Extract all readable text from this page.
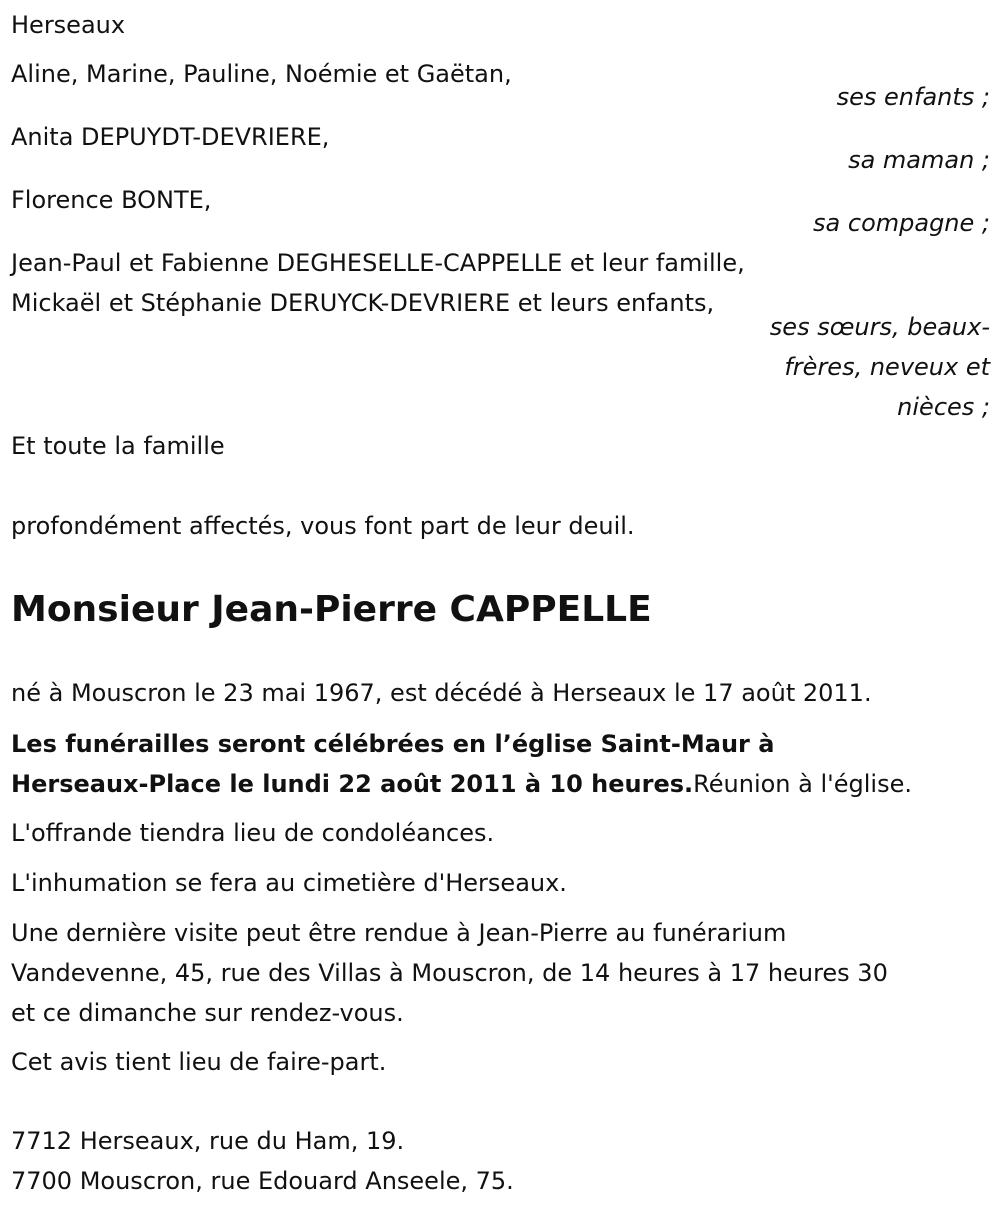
Herseaux

Aline, Marine, Pauline, Noémie et Gaëtan,

ses enfants ;

Anita DEPUYDT-DEVRIERE,

sa maman ;

Florence BONTE,

sa compagne ;

Jean-Paul et Fabienne DEGHESELLE-CAPPELLE et leur famille,

Mickaël et Stéphanie DERUYCK-DEVRIERE et leurs enfants,

ses sœurs, beaux-

frères, neveux et

nièces ;

Et toute la famille

profondément affectés, vous font part de leur deuil.

Monsieur Jean-Pierre CAPPELLE

né à Mouscron le 23 mai 1967, est décédé à Herseaux le 17 août 2011.

Les funérailles seront célébrées en l’église Saint-Maur à

Herseaux-Place le lundi 22 août 2011 à 10 heures.Réunion à l'église.

L'offrande tiendra lieu de condoléances.

L'inhumation se fera au cimetière d'Herseaux.

Une dernière visite peut être rendue à Jean-Pierre au funérarium

Vandevenne, 45, rue des Villas à Mouscron, de 14 heures à 17 heures 30

et ce dimanche sur rendez-vous.

Cet avis tient lieu de faire-part.

7712 Herseaux, rue du Ham, 19.

7700 Mouscron, rue Edouard Anseele, 75.
